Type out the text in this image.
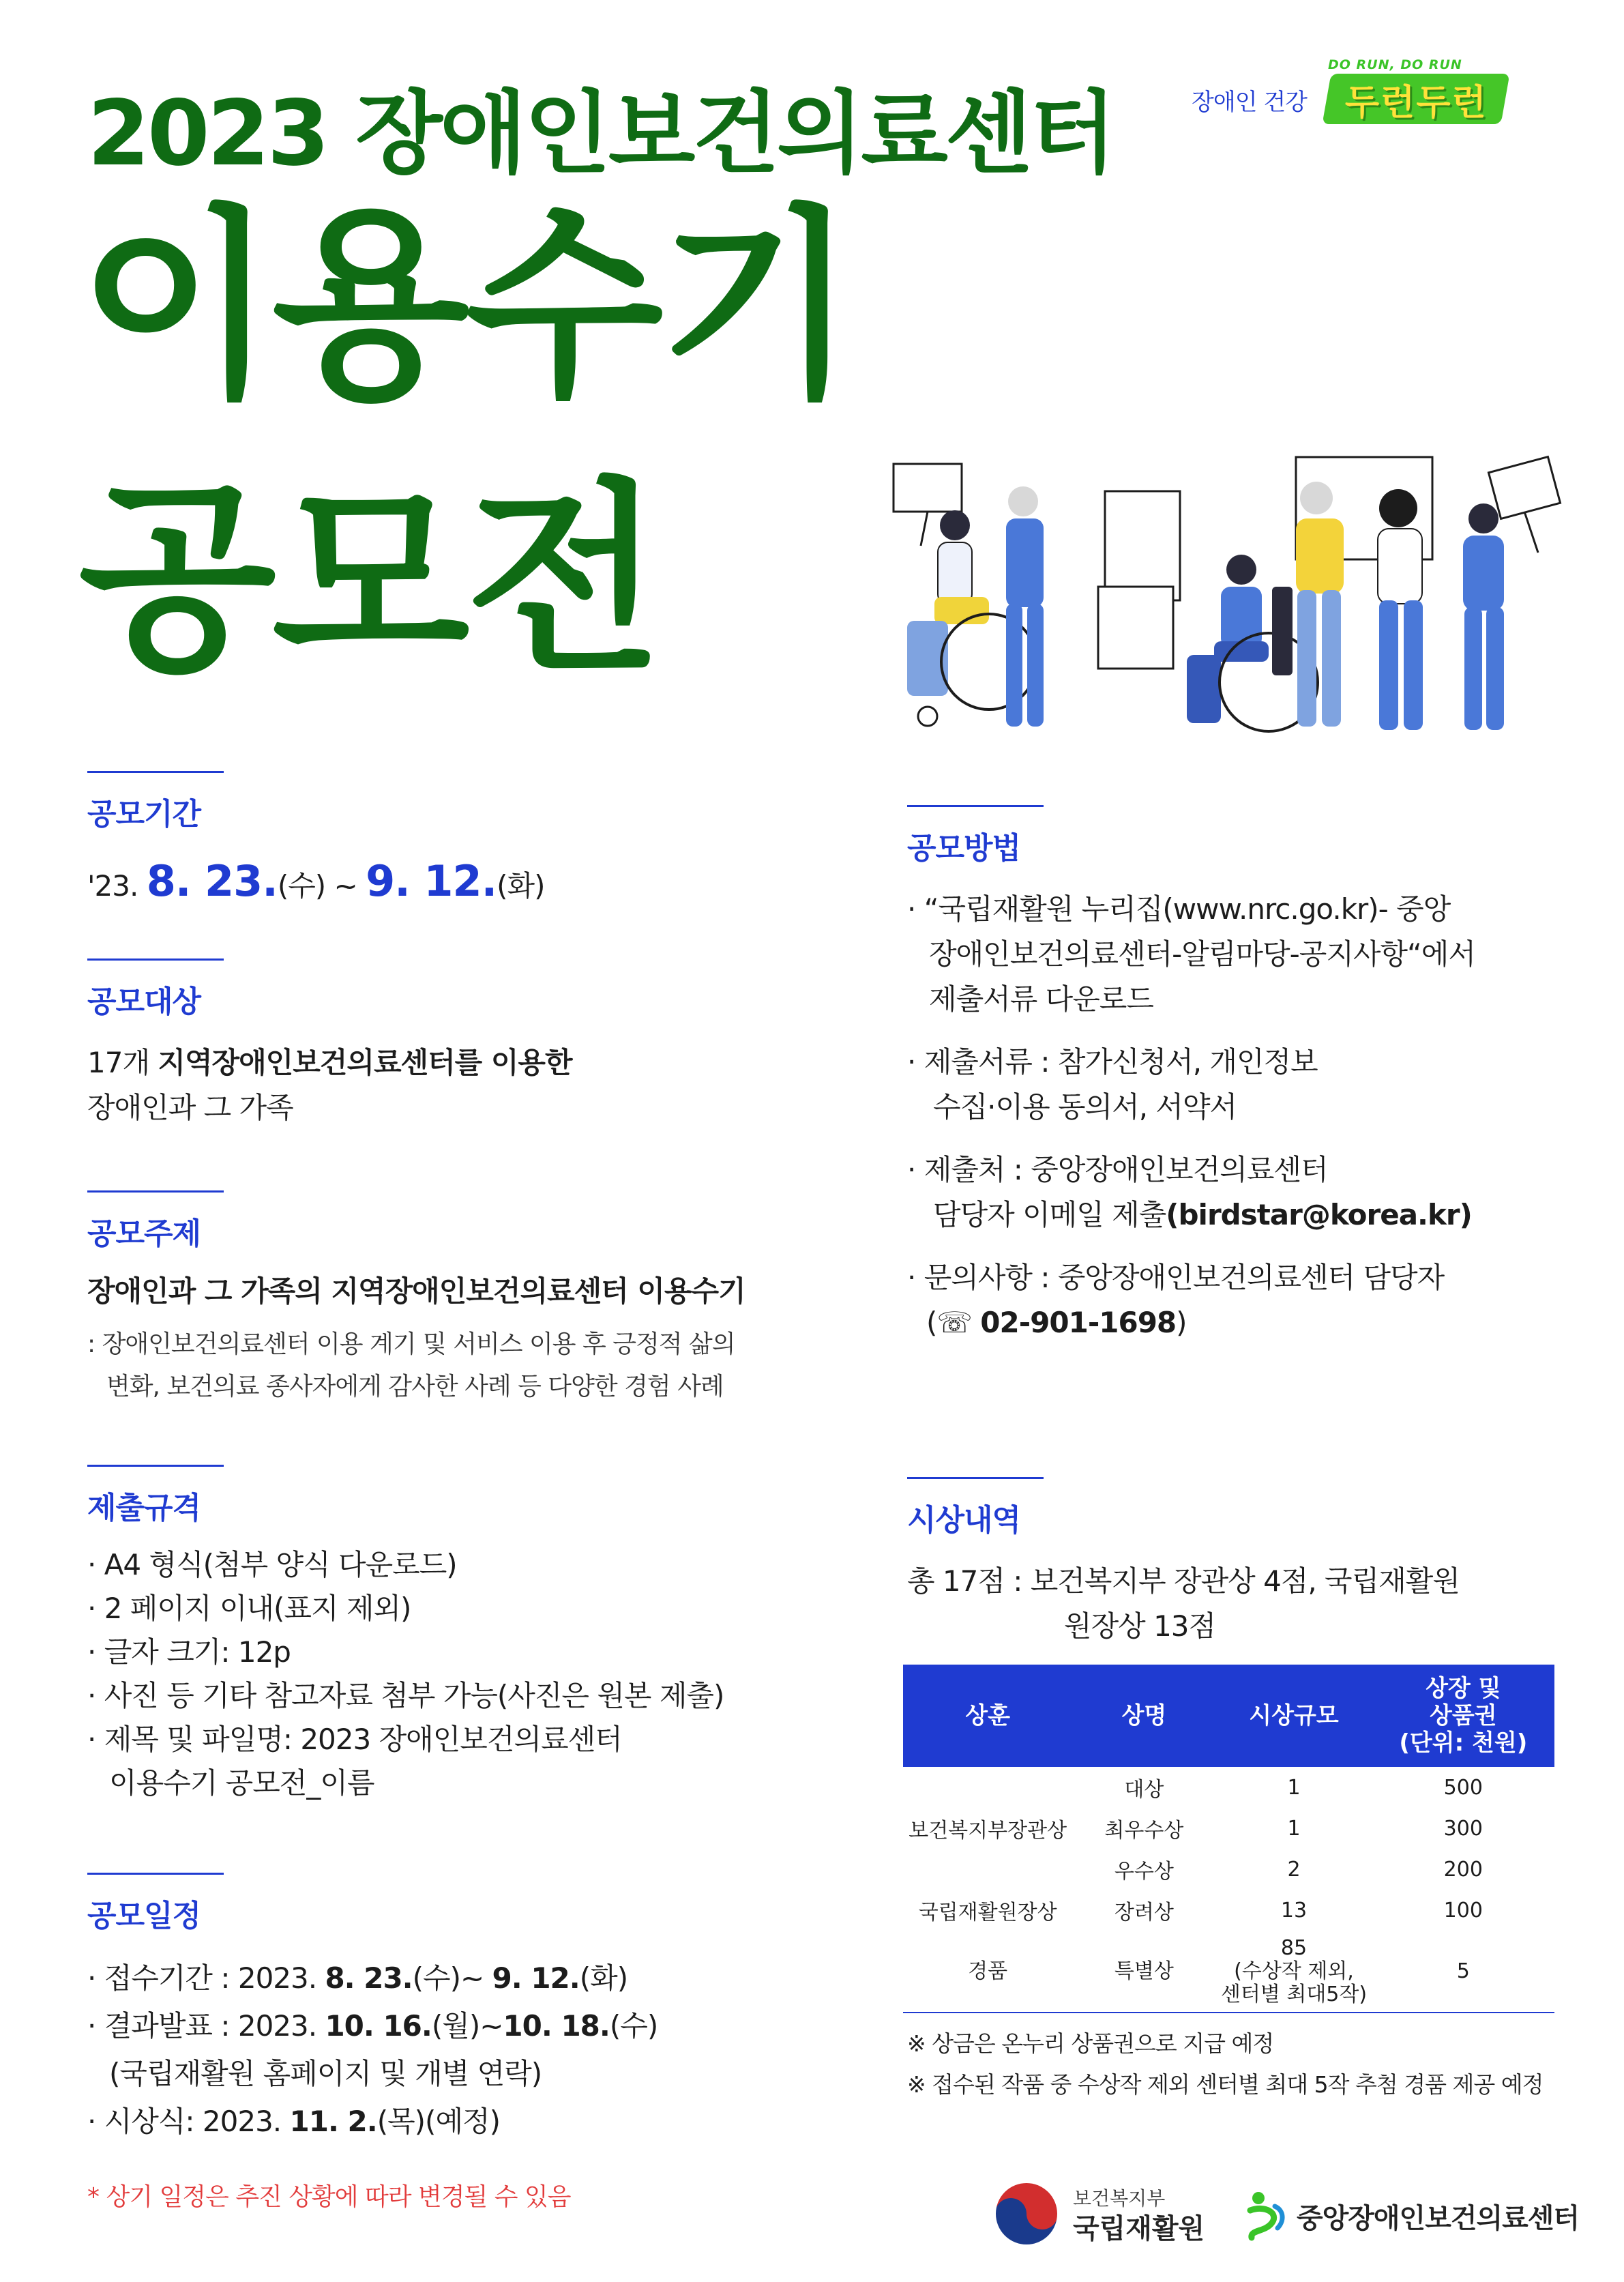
장애인 건강
DO RUN, DO RUN
두런두런
2023 장애인보건의료센터
이용수기
공모전
공모기간
'23. 8. 23.(수) ~ 9. 12.(화)
공모대상
17개 지역장애인보건의료센터를 이용한
장애인과 그 가족
공모주제
장애인과 그 가족의 지역장애인보건의료센터 이용수기
: 장애인보건의료센터 이용 계기 및 서비스 이용 후 긍정적 삶의
변화, 보건의료 종사자에게 감사한 사례 등 다양한 경험 사례
제출규격
· A4 형식(첨부 양식 다운로드)
· 2 페이지 이내(표지 제외)
· 글자 크기: 12p
· 사진 등 기타 참고자료 첨부 가능(사진은 원본 제출)
· 제목 및 파일명: 2023 장애인보건의료센터
이용수기 공모전_이름
공모일정
· 접수기간 : 2023. 8. 23.(수)~ 9. 12.(화)
· 결과발표 : 2023. 10. 16.(월)~10. 18.(수)
(국립재활원 홈페이지 및 개별 연락)
· 시상식: 2023. 11. 2.(목)(예정)
* 상기 일정은 추진 상황에 따라 변경될 수 있음
공모방법
· “국립재활원 누리집(www.nrc.go.kr)- 중앙
장애인보건의료센터-알림마당-공지사항“에서
제출서류 다운로드
· 제출서류 : 참가신청서, 개인정보
수집·이용 동의서, 서약서
· 제출처 : 중앙장애인보건의료센터
담당자 이메일 제출(birdstar@korea.kr)
· 문의사항 : 중앙장애인보건의료센터 담당자
(☏ 02-901-1698)
시상내역
총 17점 : 보건복지부 장관상 4점, 국립재활원
원장상 13점
상훈	상명	시상규모	상장 및
상품권
(단위: 천원)
	대상	1	500
보건복지부장관상	최우수상	1	300
	우수상	2	200
국립재활원장상	장려상	13	100
경품	특별상	85
(수상작 제외,
센터별 최대5작)	5
※ 상금은 온누리 상품권으로 지급 예정
※ 접수된 작품 중 수상작 제외 센터별 최대 5작 추첨 경품 제공 예정
보건복지부
국립재활원	중앙장애인보건의료센터
